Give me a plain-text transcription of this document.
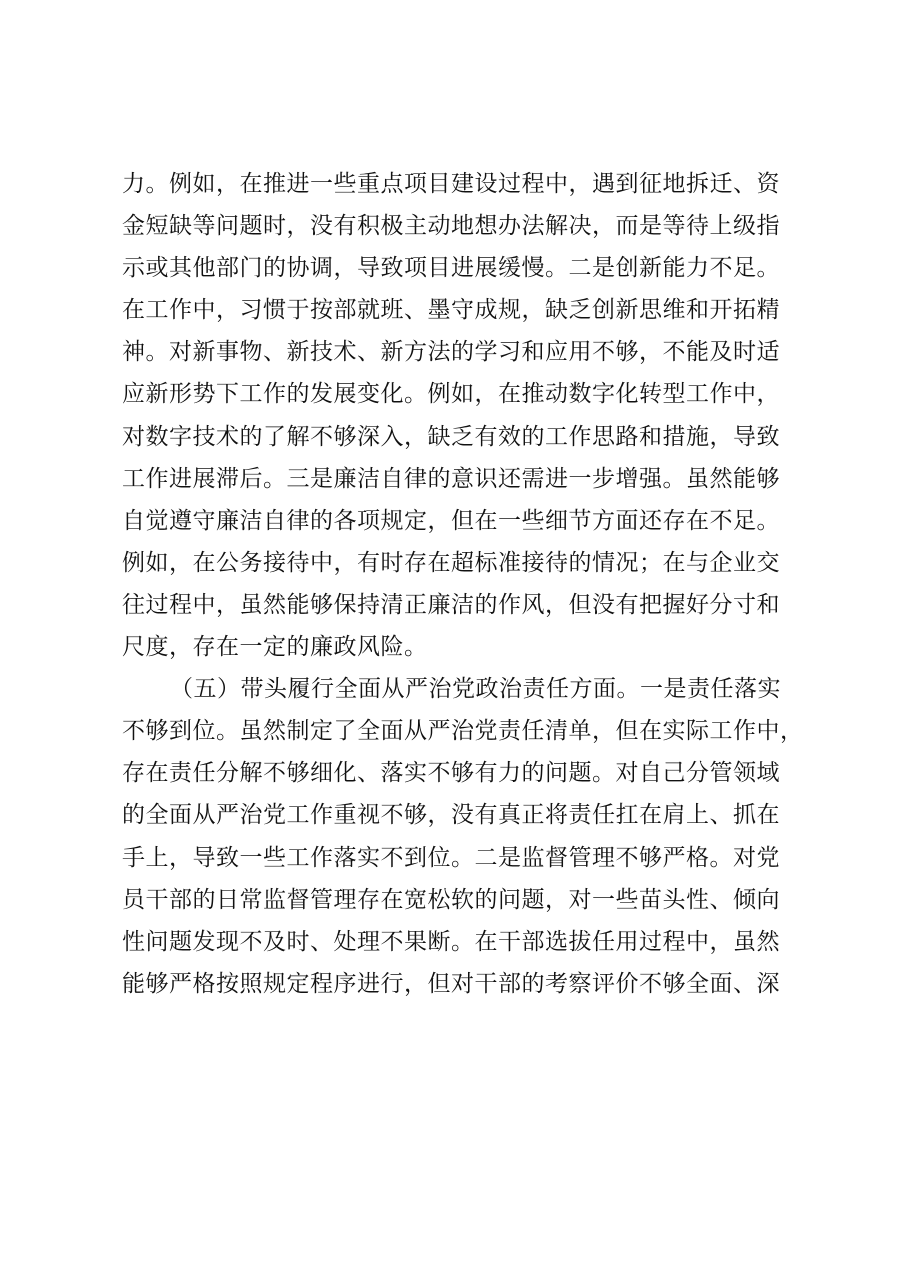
力。例如，在推进一些重点项目建设过程中，遇到征地拆迁、资
金短缺等问题时，没有积极主动地想办法解决，而是等待上级指
示或其他部门的协调，导致项目进展缓慢。二是创新能力不足。
在工作中，习惯于按部就班、墨守成规，缺乏创新思维和开拓精
神。对新事物、新技术、新方法的学习和应用不够，不能及时适
应新形势下工作的发展变化。例如，在推动数字化转型工作中，
对数字技术的了解不够深入，缺乏有效的工作思路和措施，导致
工作进展滞后。三是廉洁自律的意识还需进一步增强。虽然能够
自觉遵守廉洁自律的各项规定，但在一些细节方面还存在不足。
例如，在公务接待中，有时存在超标准接待的情况；在与企业交
往过程中，虽然能够保持清正廉洁的作风，但没有把握好分寸和
尺度，存在一定的廉政风险。
（五）带头履行全面从严治党政治责任方面。一是责任落实
不够到位。虽然制定了全面从严治党责任清单，但在实际工作中，
存在责任分解不够细化、落实不够有力的问题。对自己分管领域
的全面从严治党工作重视不够，没有真正将责任扛在肩上、抓在
手上，导致一些工作落实不到位。二是监督管理不够严格。对党
员干部的日常监督管理存在宽松软的问题，对一些苗头性、倾向
性问题发现不及时、处理不果断。在干部选拔任用过程中，虽然
能够严格按照规定程序进行，但对干部的考察评价不够全面、深
